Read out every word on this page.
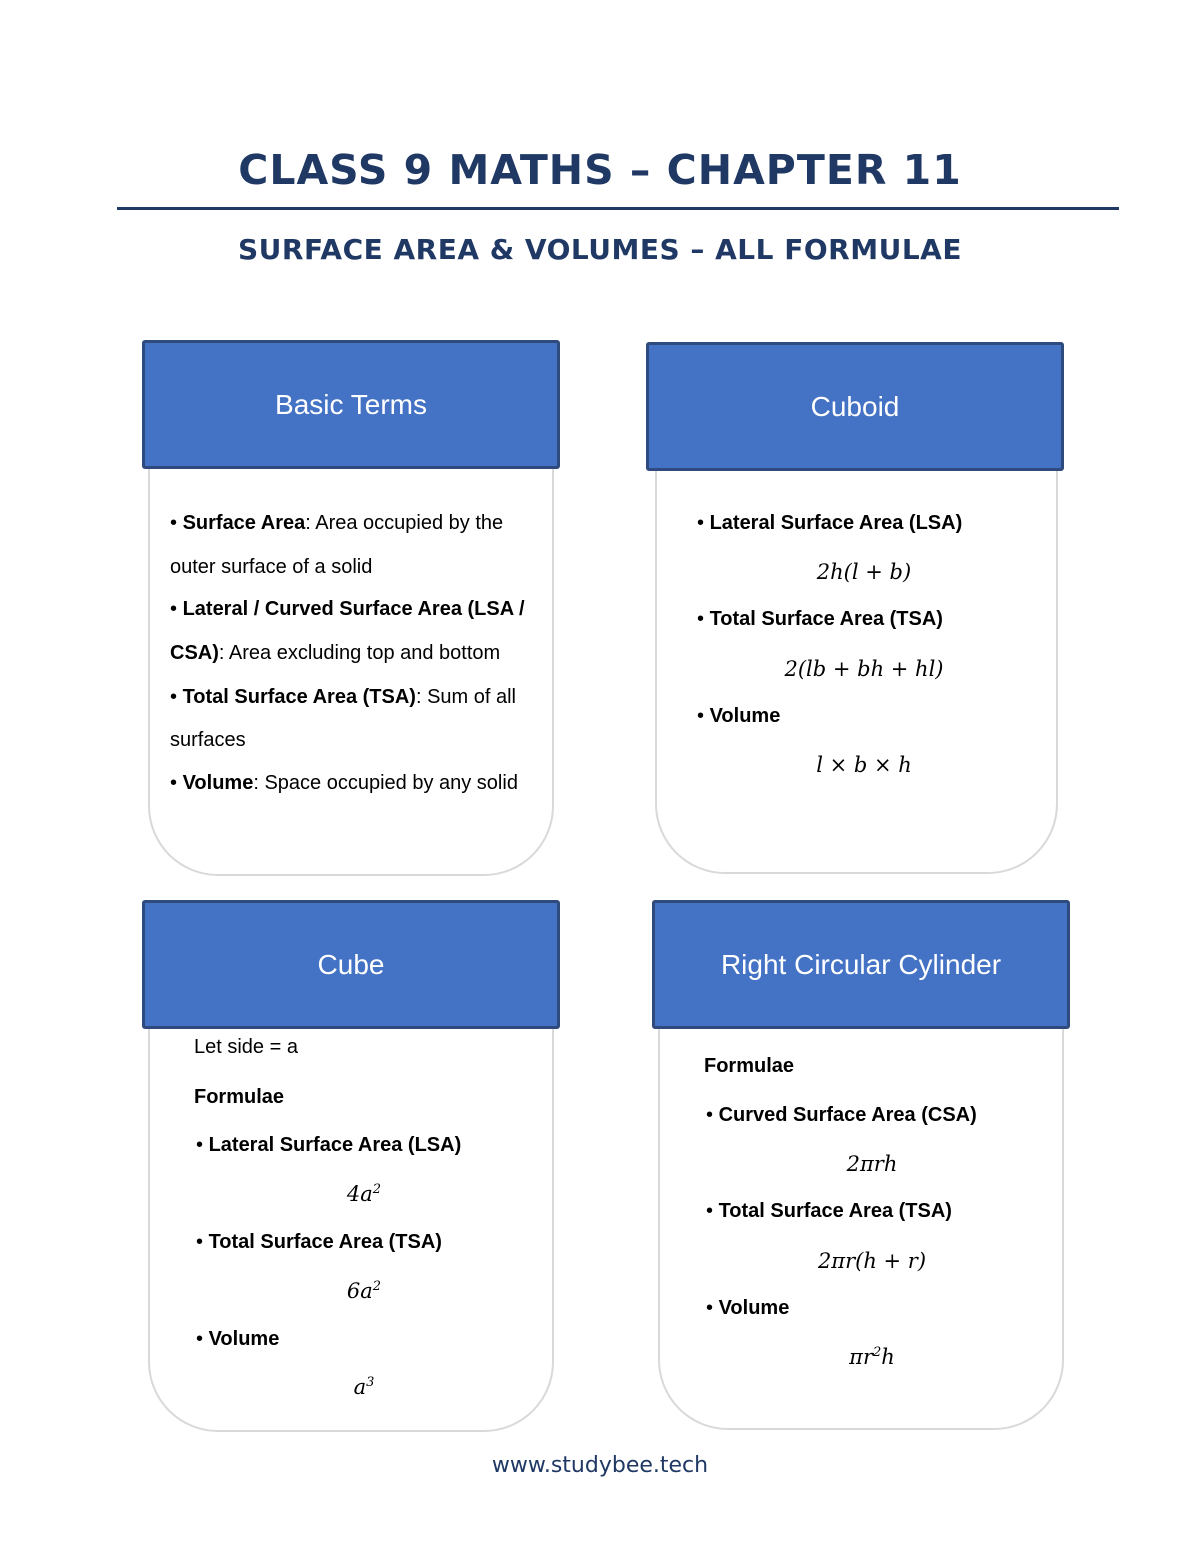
CLASS 9 MATHS – CHAPTER 11
SURFACE AREA & VOLUMES – ALL FORMULAE
Basic Terms
• Surface Area: Area occupied by the
outer surface of a solid
• Lateral / Curved Surface Area (LSA /
CSA): Area excluding top and bottom
• Total Surface Area (TSA): Sum of all
surfaces
• Volume: Space occupied by any solid
Cuboid
• Lateral Surface Area (LSA)
2h(l + b)
• Total Surface Area (TSA)
2(lb + bh + hl)
• Volume
l × b × h
Cube
Let side = a
Formulae
• Lateral Surface Area (LSA)
$4a^2$
• Total Surface Area (TSA)
$6a^2$
• Volume
$a^3$
Right Circular Cylinder
Formulae
• Curved Surface Area (CSA)
2πrh
• Total Surface Area (TSA)
2πr(h + r)
• Volume
$\pi r^2h$
www.studybee.tech
